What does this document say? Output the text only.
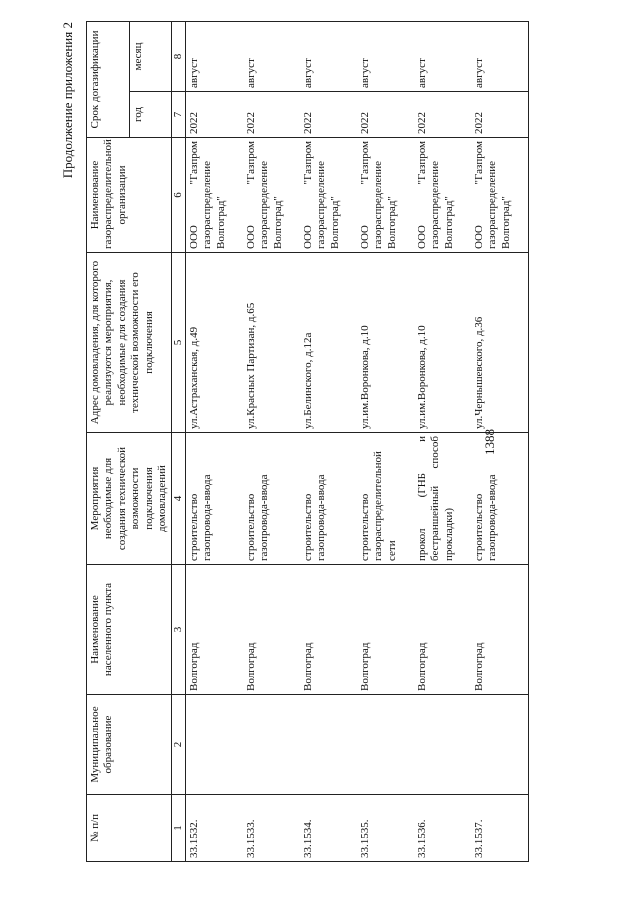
Продолжение приложения 2
№ п/п	Муниципальное образование	Наименование населенного пункта	Мероприятия необходимые для создания технической возможности подключения домовладений	Адрес домовладения, для которого реализуются мероприятия, необходимые для создания технической возможности его подключения	Наименование газораспределительной организации	Срок догазификации	
						год	месяц
1	2	3	4	5	6	7	8
33.1532.		Волгоград	строительство газопровода-ввода	ул.Астраханская, д.49	ООО "Газпром газораспределение Волгоград"	2022	август
33.1533.		Волгоград	строительство газопровода-ввода	ул.Красных Партизан, д.65	ООО "Газпром газораспределение Волгоград"	2022	август
33.1534.		Волгоград	строительство газопровода-ввода	ул.Белинского, д.12а	ООО "Газпром газораспределение Волгоград"	2022	август
33.1535.		Волгоград	строительство газораспределительной сети	ул.им.Воронкова, д.10	ООО "Газпром газораспределение Волгоград"	2022	август
33.1536.		Волгоград	прокол (ГНБ и бестраншейный способ прокладки)	ул.им.Воронкова, д.10	ООО "Газпром газораспределение Волгоград"	2022	август
33.1537.		Волгоград	строительство газопровода-ввода	ул.Чернышевского, д.36	ООО "Газпром газораспределение Волгоград"	2022	август
1388
